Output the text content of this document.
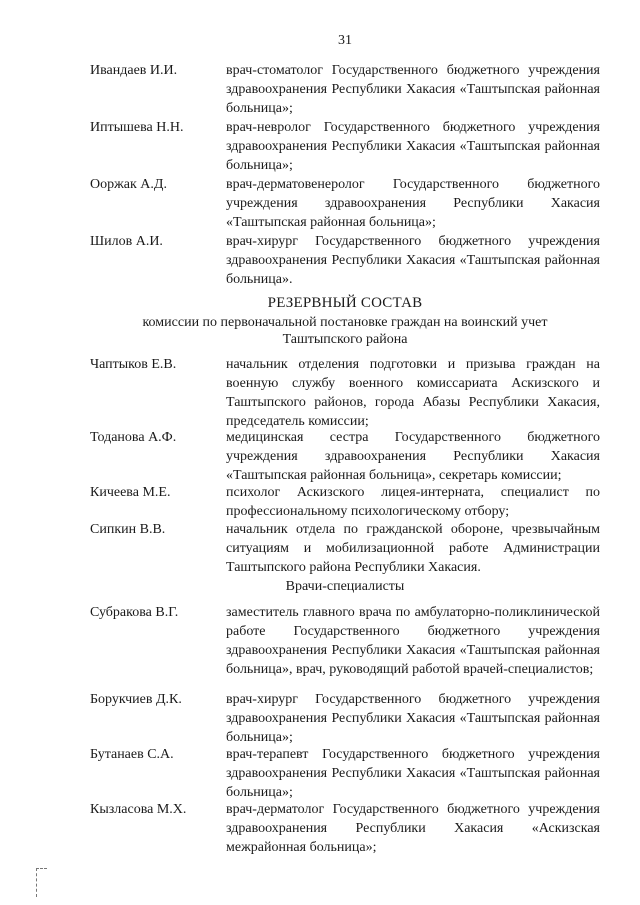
31
Ивандаев И.И.	врач-стоматолог Государственного бюджетного учреждения здравоохранения Республики Хакасия «Таштыпская районная больница»;
Иптышева Н.Н.	врач-невролог Государственного бюджетного учреждения здравоохранения Республики Хакасия «Таштыпская районная больница»;
Ооржак А.Д.	врач-дерматовенеролог Государственного бюджетного учреждения здравоохранения Республики Хакасия «Таштыпская районная больница»;
Шилов А.И.	врач-хирург Государственного бюджетного учреждения здравоохранения Республики Хакасия «Таштыпская районная больница».
РЕЗЕРВНЫЙ СОСТАВ
комиссии по первоначальной постановке граждан на воинский учет
Таштыпского района
Чаптыков Е.В.	начальник отделения подготовки и призыва граждан на военную службу военного комиссариата Аскизского и Таштыпского районов, города Абазы Республики Хакасия, председатель комиссии;
Тоданова А.Ф.	медицинская сестра Государственного бюджетного учреждения здравоохранения Республики Хакасия «Таштыпская районная больница», секретарь комиссии;
Кичеева М.Е.	психолог Аскизского лицея-интерната, специалист по профессиональному психологическому отбору;
Сипкин В.В.	начальник отдела по гражданской обороне, чрезвычайным ситуациям и мобилизационной работе Администрации Таштыпского района Республики Хакасия.
Врачи-специалисты
Субракова В.Г.	заместитель главного врача по амбулаторно-поликлинической работе Государственного бюджетного учреждения здравоохранения Республики Хакасия «Таштыпская районная больница», врач, руководящий работой врачей-специалистов;
Борукчиев Д.К.	врач-хирург Государственного бюджетного учреждения здравоохранения Республики Хакасия «Таштыпская районная больница»;
Бутанаев С.А.	врач-терапевт Государственного бюджетного учреждения здравоохранения Республики Хакасия «Таштыпская районная больница»;
Кызласова М.Х.	врач-дерматолог Государственного бюджетного учреждения здравоохранения Республики Хакасия «Аскизская межрайонная больница»;
